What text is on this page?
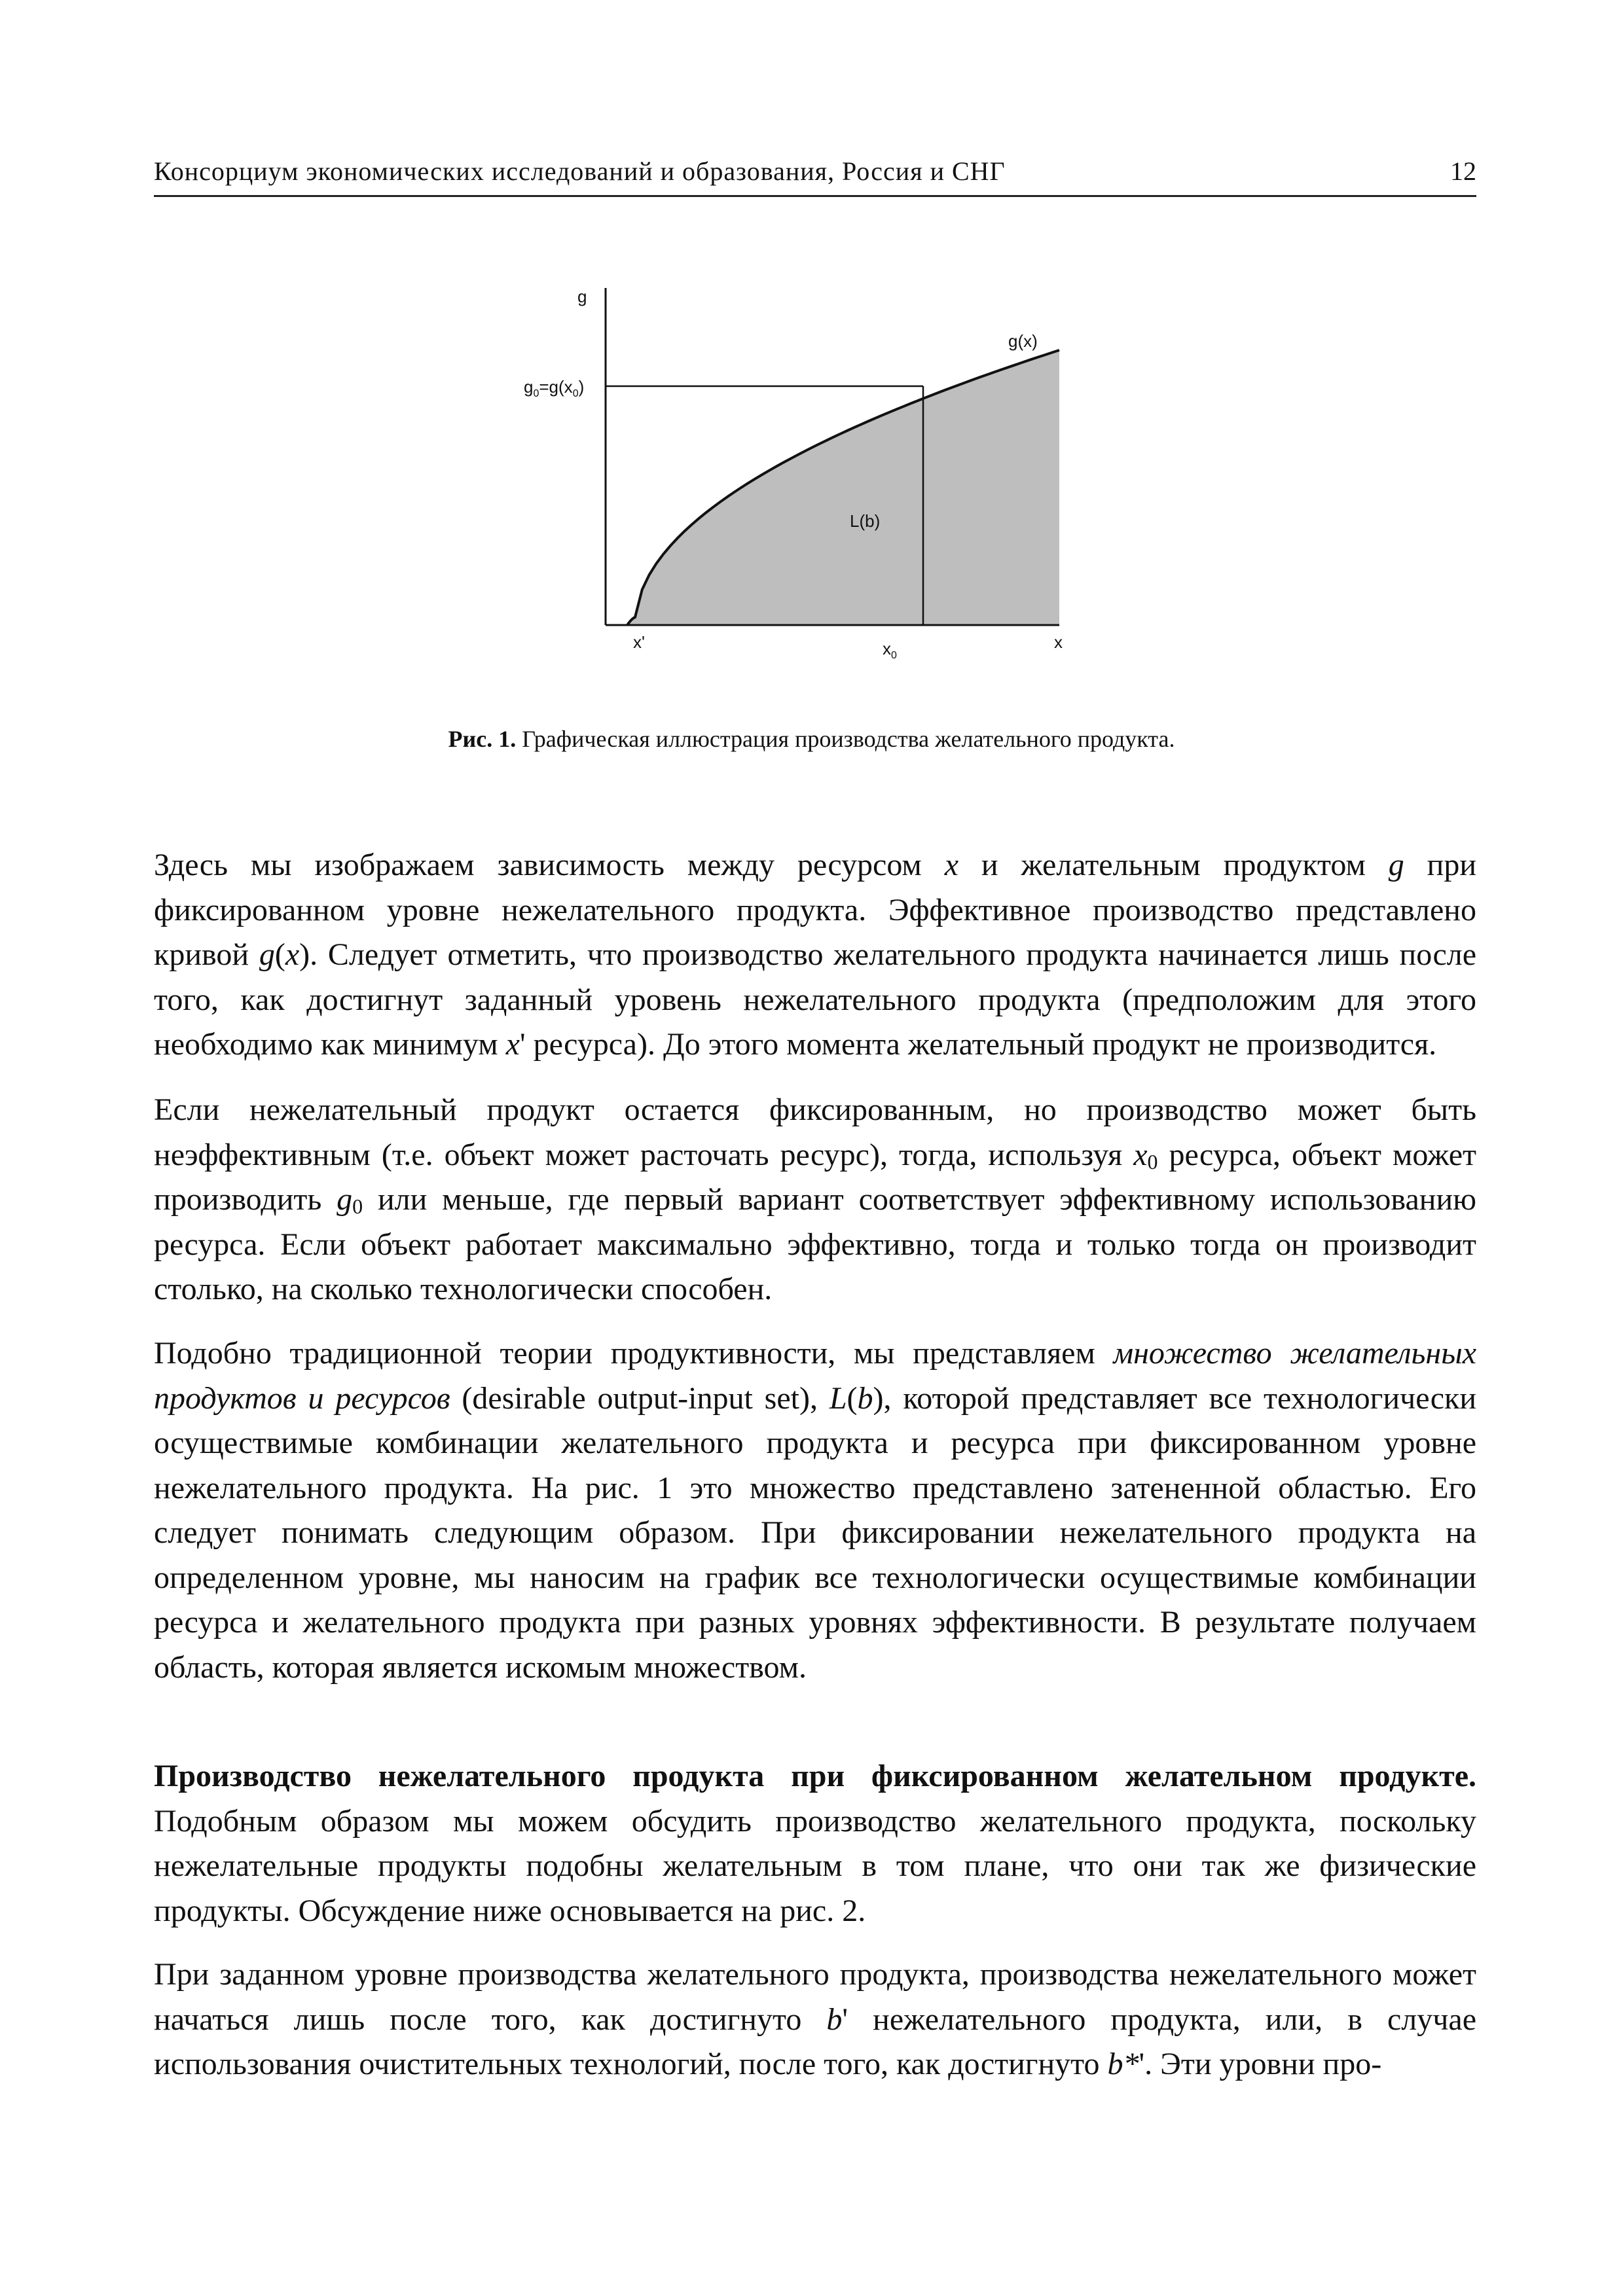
Консорциум экономических исследований и образования, Россия и СНГ	12
g
g(x)
$g_0=g(x_0)$
L(b)
x'	$x_0$
x
Рис. 1. Графическая иллюстрация производства желательного продукта.

Здесь мы изображаем зависимость между ресурсом x и желательным продуктом g при фиксированном уровне нежелательного продукта. Эффективное производство представлено кривой g(x). Следует отметить, что производство желательного продукта начинается лишь после того, как достигнут заданный уровень нежелательного продукта (предположим для этого необходимо как минимум x' ресурса). До этого момента желательный продукт не производится.

Если нежелательный продукт остается фиксированным, но производство может быть неэффективным (т.е. объект может расточать ресурс), тогда, используя $x_0$ ресурса, объект может производить $g_0$ или меньше, где первый вариант соответствует эффективному использованию ресурса. Если объект работает максимально эффективно, тогда и только тогда он производит столько, на сколько технологически способен.

Подобно традиционной теории продуктивности, мы представляем множество желательных продуктов и ресурсов (desirable output-input set), L(b), которой представляет все технологически осуществимые комбинации желательного продукта и ресурса при фиксированном уровне нежелательного продукта. На рис. 1 это множество представлено затененной областью. Его следует понимать следующим образом. При фиксировании нежелательного продукта на определенном уровне, мы наносим на график все технологически осуществимые комбинации ресурса и желательного продукта при разных уровнях эффективности. В результате получаем область, которая является искомым множеством.

Производство нежелательного продукта при фиксированном желательном продукте. Подобным образом мы можем обсудить производство желательного продукта, поскольку нежелательные продукты подобны желательным в том плане, что они так же физические продукты. Обсуждение ниже основывается на рис. 2.

При заданном уровне производства желательного продукта, производства нежелательного может начаться лишь после того, как достигнуто b' нежелательного продукта, или, в случае использования очистительных технологий, после того, как достигнуто b*'. Эти уровни про-
